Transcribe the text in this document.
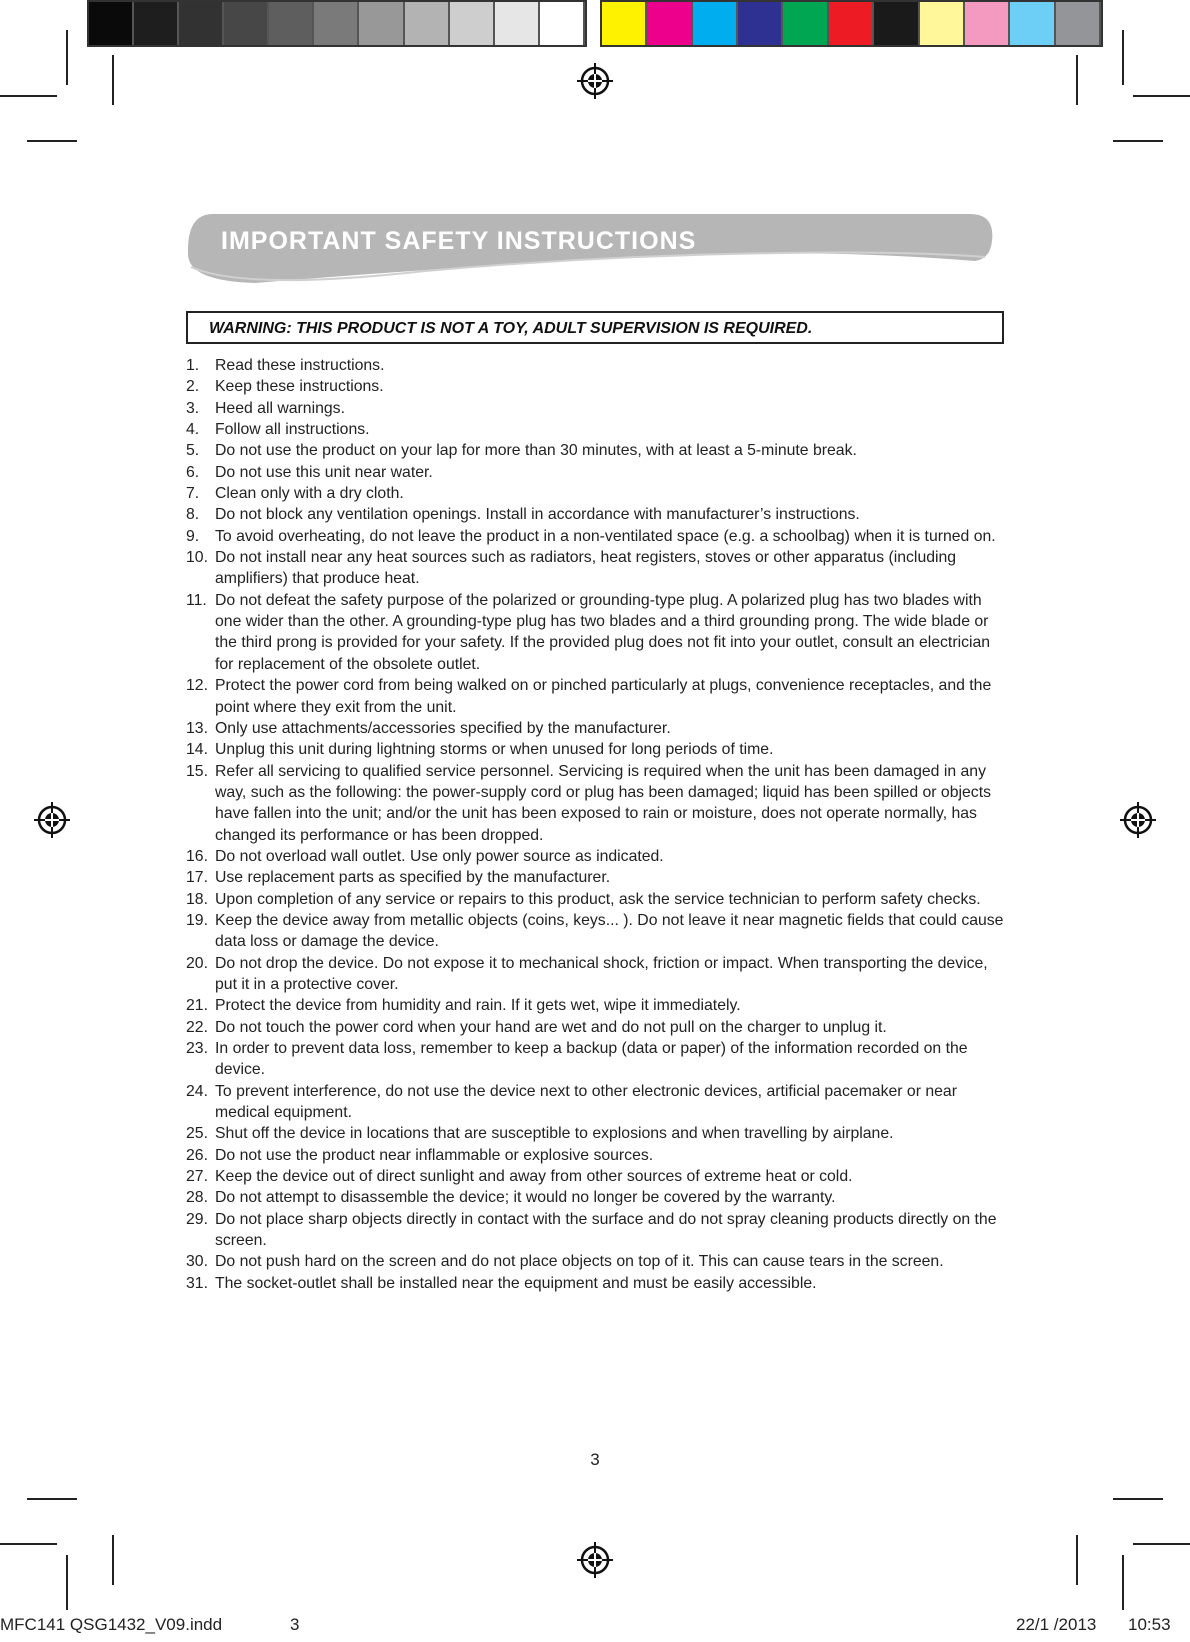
IMPORTANT SAFETY INSTRUCTIONS
WARNING: THIS PRODUCT IS NOT A TOY, ADULT SUPERVISION IS REQUIRED.
1. Read these instructions.
2. Keep these instructions.
3. Heed all warnings.
4. Follow all instructions.
5. Do not use the product on your lap for more than 30 minutes, with at least a 5-minute break.
6. Do not use this unit near water.
7. Clean only with a dry cloth.
8. Do not block any ventilation openings. Install in accordance with manufacturer’s instructions.
9. To avoid overheating, do not leave the product in a non-ventilated space (e.g. a schoolbag) when it is turned on.
10. Do not install near any heat sources such as radiators, heat registers, stoves or other apparatus (including amplifiers) that produce heat.
11. Do not defeat the safety purpose of the polarized or grounding-type plug. A polarized plug has two blades with one wider than the other. A grounding-type plug has two blades and a third grounding prong. The wide blade or the third prong is provided for your safety. If the provided plug does not fit into your outlet, consult an electrician for replacement of the obsolete outlet.
12. Protect the power cord from being walked on or pinched particularly at plugs, convenience receptacles, and the point where they exit from the unit.
13. Only use attachments/accessories specified by the manufacturer.
14. Unplug this unit during lightning storms or when unused for long periods of time.
15. Refer all servicing to qualified service personnel. Servicing is required when the unit has been damaged in any way, such as the following: the power-supply cord or plug has been damaged; liquid has been spilled or objects have fallen into the unit; and/or the unit has been exposed to rain or moisture, does not operate normally, has changed its performance or has been dropped.
16. Do not overload wall outlet. Use only power source as indicated.
17. Use replacement parts as specified by the manufacturer.
18. Upon completion of any service or repairs to this product, ask the service technician to perform safety checks.
19. Keep the device away from metallic objects (coins, keys... ). Do not leave it near magnetic fields that could cause data loss or damage the device.
20. Do not drop the device. Do not expose it to mechanical shock, friction or impact. When transporting the device, put it in a protective cover.
21. Protect the device from humidity and rain. If it gets wet, wipe it immediately.
22. Do not touch the power cord when your hand are wet and do not pull on the charger to unplug it.
23. In order to prevent data loss, remember to keep a backup (data or paper) of the information recorded on the device.
24. To prevent interference, do not use the device next to other electronic devices, artificial pacemaker or near medical equipment.
25. Shut off the device in locations that are susceptible to explosions and when travelling by airplane.
26. Do not use the product near inflammable or explosive sources.
27. Keep the device out of direct sunlight and away from other sources of extreme heat or cold.
28. Do not attempt to disassemble the device; it would no longer be covered by the warranty.
29. Do not place sharp objects directly in contact with the surface and do not spray cleaning products directly on the screen.
30. Do not push hard on the screen and do not place objects on top of it. This can cause tears in the screen.
31. The socket-outlet shall be installed near the equipment and must be easily accessible.
3
MFC141 QSG1432_V09.indd	3	22/1 /2013 10:53
